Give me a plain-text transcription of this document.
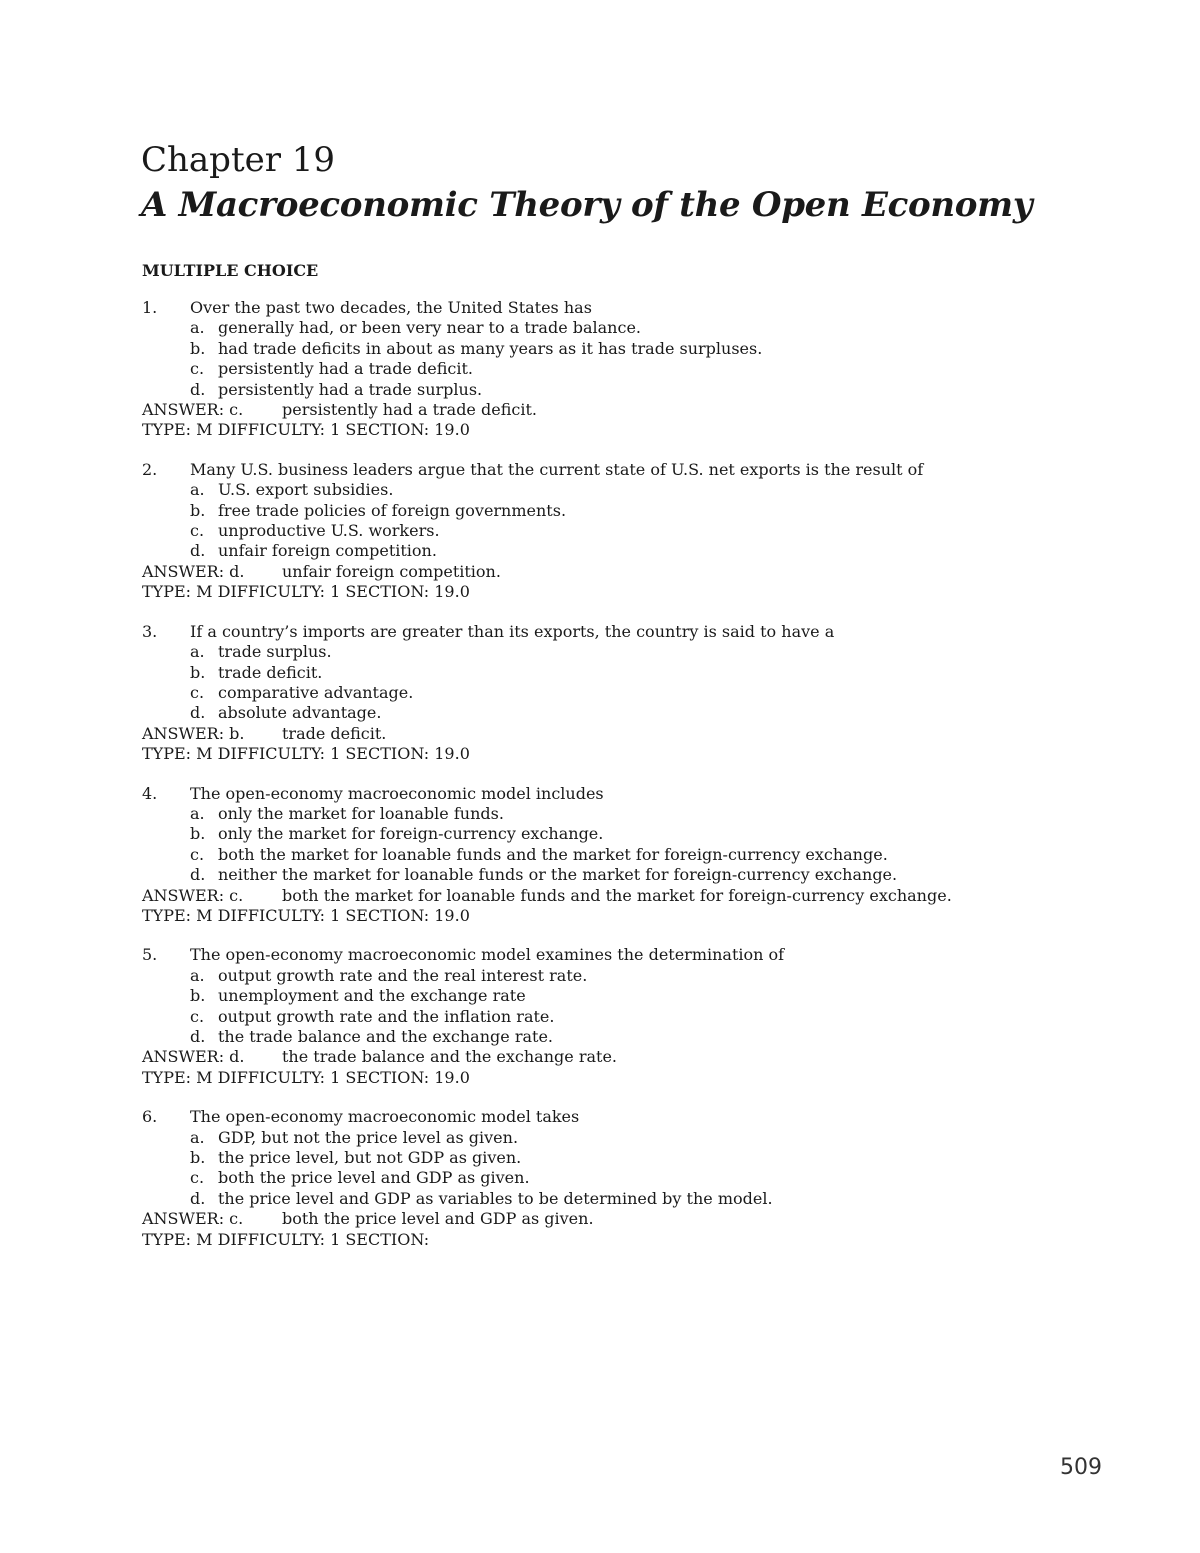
Chapter 19
A Macroeconomic Theory of the Open Economy
MULTIPLE CHOICE
1. Over the past two decades, the United States has
a. generally had, or been very near to a trade balance.
b. had trade deficits in about as many years as it has trade surpluses.
c. persistently had a trade deficit.
d. persistently had a trade surplus.
ANSWER: c. persistently had a trade deficit.
TYPE: M DIFFICULTY: 1 SECTION: 19.0
2. Many U.S. business leaders argue that the current state of U.S. net exports is the result of
a. U.S. export subsidies.
b. free trade policies of foreign governments.
c. unproductive U.S. workers.
d. unfair foreign competition.
ANSWER: d. unfair foreign competition.
TYPE: M DIFFICULTY: 1 SECTION: 19.0
3. If a country’s imports are greater than its exports, the country is said to have a
a. trade surplus.
b. trade deficit.
c. comparative advantage.
d. absolute advantage.
ANSWER: b. trade deficit.
TYPE: M DIFFICULTY: 1 SECTION: 19.0
4. The open-economy macroeconomic model includes
a. only the market for loanable funds.
b. only the market for foreign-currency exchange.
c. both the market for loanable funds and the market for foreign-currency exchange.
d. neither the market for loanable funds or the market for foreign-currency exchange.
ANSWER: c. both the market for loanable funds and the market for foreign-currency exchange.
TYPE: M DIFFICULTY: 1 SECTION: 19.0
5. The open-economy macroeconomic model examines the determination of
a. output growth rate and the real interest rate.
b. unemployment and the exchange rate
c. output growth rate and the inflation rate.
d. the trade balance and the exchange rate.
ANSWER: d. the trade balance and the exchange rate.
TYPE: M DIFFICULTY: 1 SECTION: 19.0
6. The open-economy macroeconomic model takes
a. GDP, but not the price level as given.
b. the price level, but not GDP as given.
c. both the price level and GDP as given.
d. the price level and GDP as variables to be determined by the model.
ANSWER: c. both the price level and GDP as given.
TYPE: M DIFFICULTY: 1 SECTION:
509
